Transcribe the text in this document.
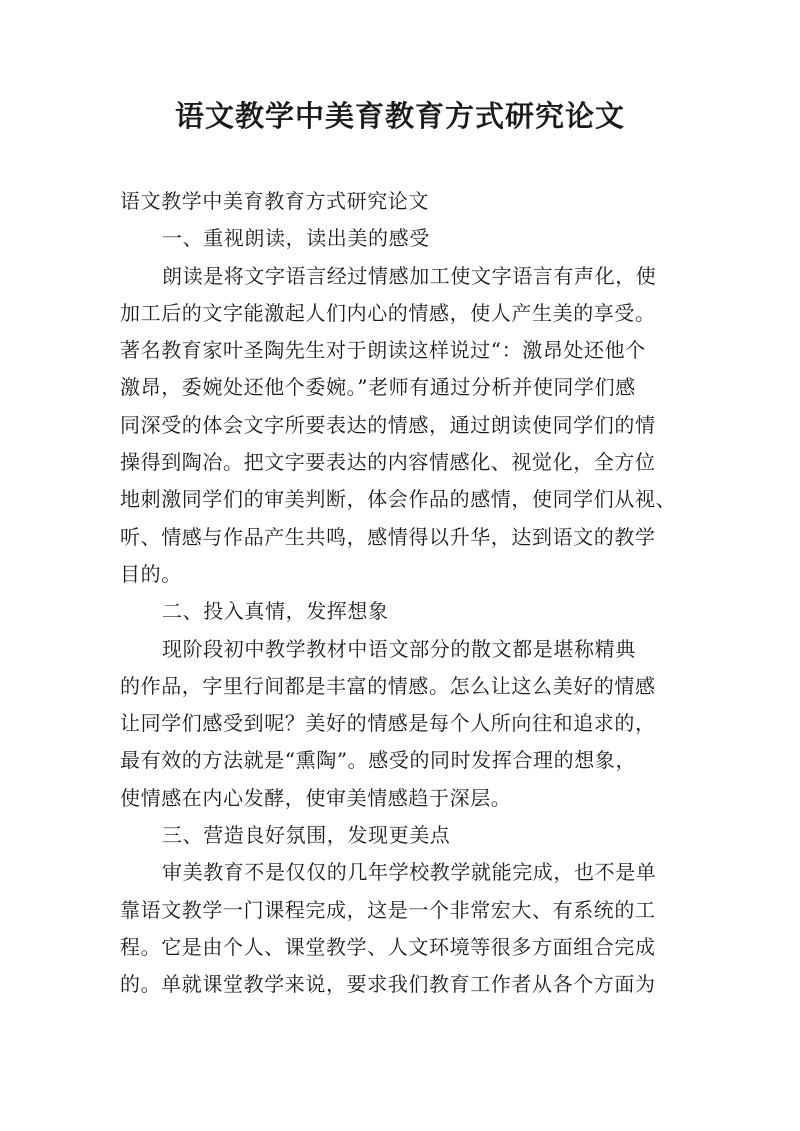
语文教学中美育教育方式研究论文
语文教学中美育教育方式研究论文
一、重视朗读，读出美的感受
朗读是将文字语言经过情感加工使文字语言有声化，使
加工后的文字能激起人们内心的情感，使人产生美的享受。
著名教育家叶圣陶先生对于朗读这样说过“：激昂处还他个
激昂，委婉处还他个委婉。”老师有通过分析并使同学们感
同深受的体会文字所要表达的情感，通过朗读使同学们的情
操得到陶冶。把文字要表达的内容情感化、视觉化，全方位
地刺激同学们的审美判断，体会作品的感情，使同学们从视、
听、情感与作品产生共鸣，感情得以升华，达到语文的教学
目的。
二、投入真情，发挥想象
现阶段初中教学教材中语文部分的散文都是堪称精典
的作品，字里行间都是丰富的情感。怎么让这么美好的情感
让同学们感受到呢？美好的情感是每个人所向往和追求的，
最有效的方法就是“熏陶”。感受的同时发挥合理的想象，
使情感在内心发酵，使审美情感趋于深层。
三、营造良好氛围，发现更美点
审美教育不是仅仅的几年学校教学就能完成，也不是单
靠语文教学一门课程完成，这是一个非常宏大、有系统的工
程。它是由个人、课堂教学、人文环境等很多方面组合完成
的。单就课堂教学来说，要求我们教育工作者从各个方面为
